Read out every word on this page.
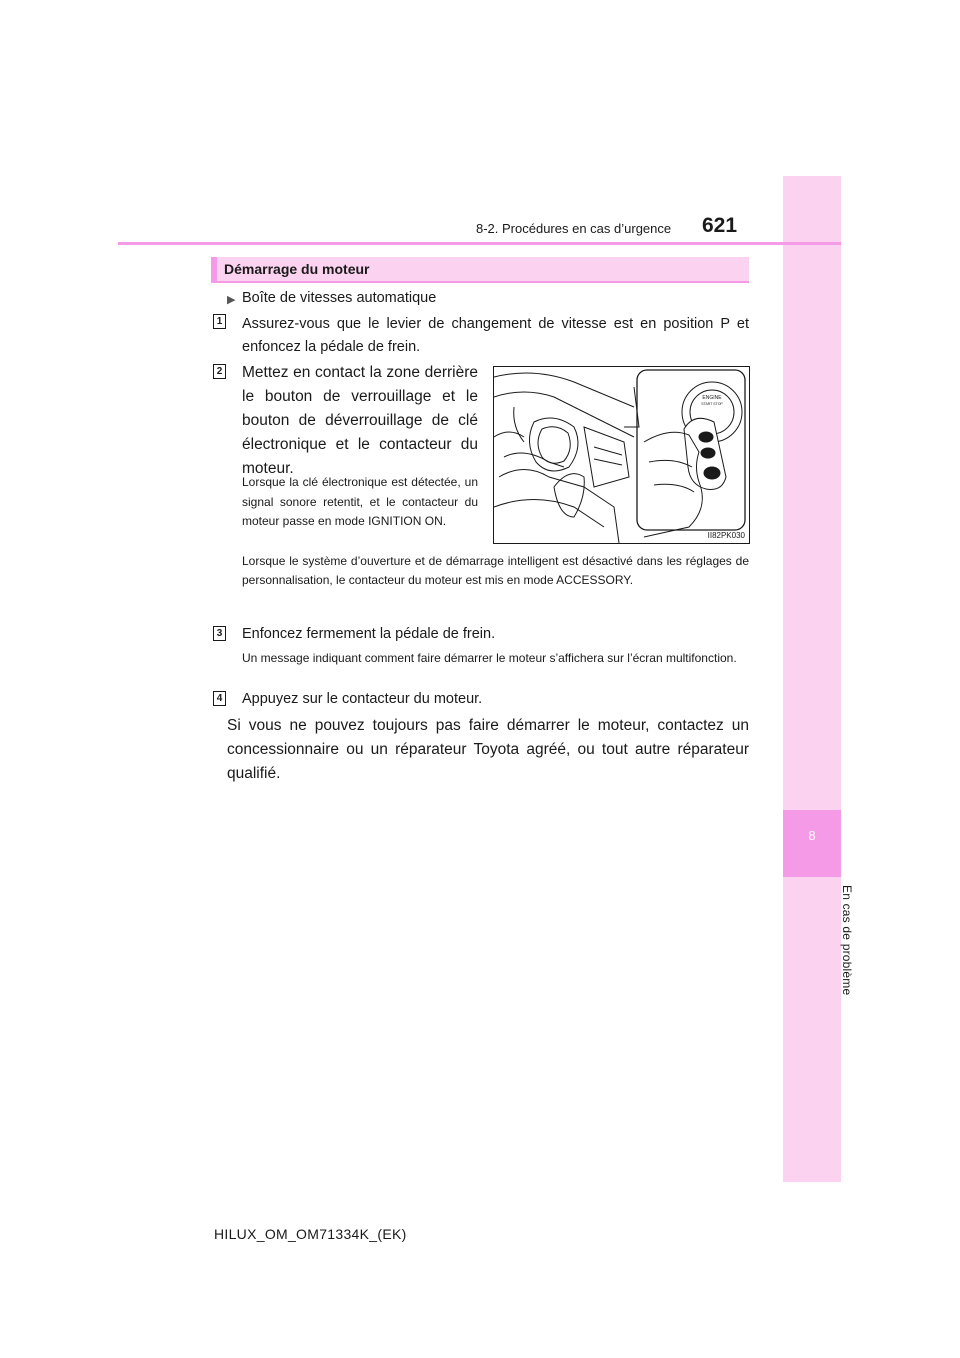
8
En cas de problème
8-2. Procédures en cas d’urgence 621
Démarrage du moteur
▶ Boîte de vitesses automatique
1 Assurez-vous que le levier de changement de vitesse est en position P et enfoncez la pédale de frein.
2 Mettez en contact la zone derrière le bouton de verrouillage et le bouton de déverrouillage de clé électronique et le contacteur du moteur.
Lorsque la clé électronique est détectée, un signal sonore retentit, et le contacteur du moteur passe en mode IGNITION ON.
ENGINE
START STOP
II82PK030
Lorsque le système d’ouverture et de démarrage intelligent est désactivé dans les réglages de personnalisation, le contacteur du moteur est mis en mode ACCESSORY.
3 Enfoncez fermement la pédale de frein.
Un message indiquant comment faire démarrer le moteur s’affichera sur l’écran multifonction.
4 Appuyez sur le contacteur du moteur.
Si vous ne pouvez toujours pas faire démarrer le moteur, contactez un concessionnaire ou un réparateur Toyota agréé, ou tout autre réparateur qualifié.
HILUX_OM_OM71334K_(EK)
